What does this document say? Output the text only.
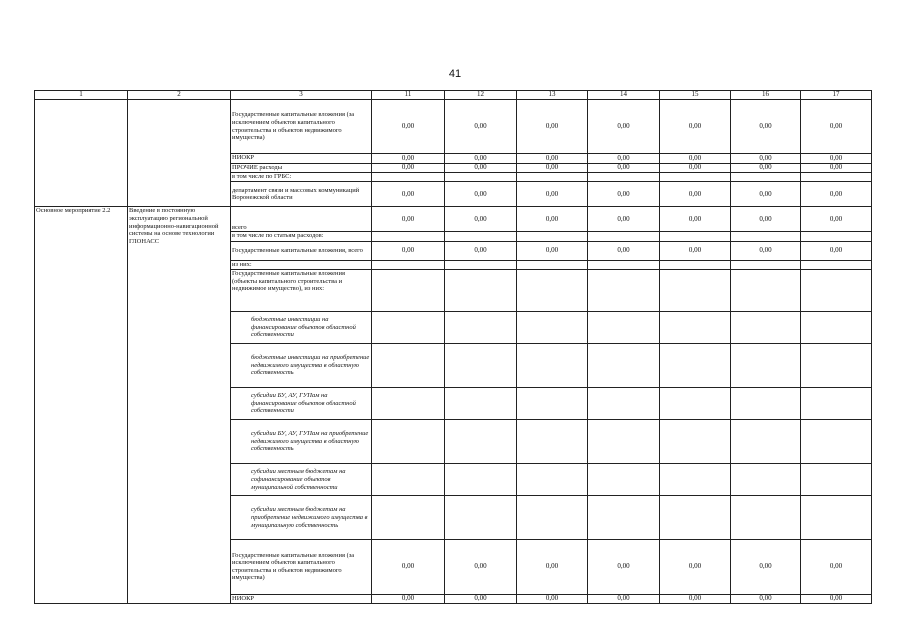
41
1	2	3	11	12	13	14	15	16	17
		Государственные капитальные вложения (за исключением объектов капитального строительства и объектов недвижимого имущества)	0,00	0,00	0,00	0,00	0,00	0,00	0,00
		НИОКР	0,00	0,00	0,00	0,00	0,00	0,00	0,00
		ПРОЧИЕ расходы	0,00	0,00	0,00	0,00	0,00	0,00	0,00
		в том числе по ГРБС:							
		департамент связи и массовых коммуникаций Воронежской области	0,00	0,00	0,00	0,00	0,00	0,00	0,00
Основное мероприятие 2.2	Введение в постоянную эксплуатацию региональной информационно-навигационной системы на основе технологии ГЛОНАСС	всего	0,00	0,00	0,00	0,00	0,00	0,00	0,00
		в том числе по статьям расходов:							
		Государственные капитальные вложения, всего	0,00	0,00	0,00	0,00	0,00	0,00	0,00
		из них:							
		Государственные капитальные вложения (объекты капитального строительства и недвижимое имущество), из них:							
		бюджетные инвестиции на финансирование объектов областной собственности							
		бюджетные инвестиции на приобретение недвижимого имущества в областную собственность							
		субсидии БУ, АУ, ГУПам на финансирование объектов областной собственности							
		субсидии БУ, АУ, ГУПам на приобретение недвижимого имущества в областную собственность							
		субсидии местным бюджетам на софинансирование объектов муниципальной собственности							
		субсидии местным бюджетам на приобретение недвижимого имущества в муниципальную собственность							
		Государственные капитальные вложения (за исключением объектов капитального строительства и объектов недвижимого имущества)	0,00	0,00	0,00	0,00	0,00	0,00	0,00
		НИОКР	0,00	0,00	0,00	0,00	0,00	0,00	0,00
